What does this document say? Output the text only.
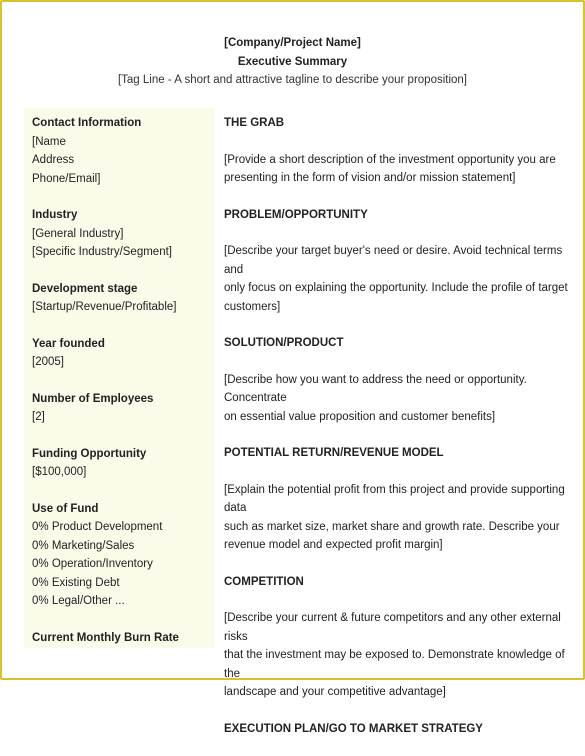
[Company/Project Name]
Executive Summary
[Tag Line - A short and attractive tagline to describe your proposition]
Contact Information
[Name
Address
Phone/Email]
Industry
[General Industry]
[Specific Industry/Segment]
Development stage
[Startup/Revenue/Profitable]
Year founded
[2005]
Number of Employees
[2]
Funding Opportunity
[$100,000]
Use of Fund
0% Product Development
0% Marketing/Sales
0% Operation/Inventory
0% Existing Debt
0% Legal/Other ...
Current Monthly Burn Rate
THE GRAB
[Provide a short description of the investment opportunity you are
presenting in the form of vision and/or mission statement]
PROBLEM/OPPORTUNITY
[Describe your target buyer's need or desire. Avoid technical terms and
only focus on explaining the opportunity. Include the profile of target
customers]
SOLUTION/PRODUCT
[Describe how you want to address the need or opportunity. Concentrate
on essential value proposition and customer benefits]
POTENTIAL RETURN/REVENUE MODEL
[Explain the potential profit from this project and provide supporting data
such as market size, market share and growth rate. Describe your
revenue model and expected profit margin]
COMPETITION
[Describe your current & future competitors and any other external risks
that the investment may be exposed to. Demonstrate knowledge of the
landscape and your competitive advantage]
EXECUTION PLAN/GO TO MARKET STRATEGY
